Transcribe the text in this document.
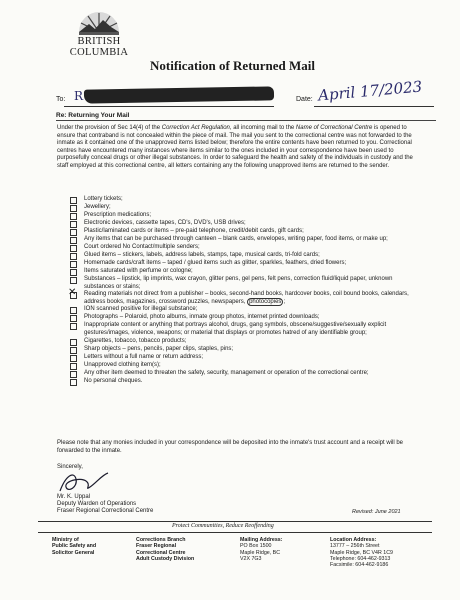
BRITISH
COLUMBIA
Notification of Returned Mail
To: R	Date: April 17/2023
Re: Returning Your Mail
Under the provision of Sec 14(4) of the Correction Act Regulation, all incoming mail to the Name of Correctional Centre is opened to ensure that contraband is not concealed within the piece of mail. The mail you sent to the correctional centre was not forwarded to the inmate as it contained one of the unapproved items listed below; therefore the entire contents have been returned to you. Correctional centres have encountered many instances where items similar to the ones included in your correspondence have been used to purposefully conceal drugs or other illegal substances. In order to safeguard the health and safety of the individuals in custody and the staff employed at this correctional centre, all letters containing any the following unapproved items are returned to the sender.
Lottery tickets;
Jewellery;
Prescription medications;
Electronic devices, cassette tapes, CD's, DVD's, USB drives;
Plastic/laminated cards or items – pre-paid telephone, credit/debit cards, gift cards;
Any items that can be purchased through canteen – blank cards, envelopes, writing paper, food items, or make up;
Court ordered No Contact/multiple senders;
Glued items – stickers, labels, address labels, stamps, tape, musical cards, tri-fold cards;
Homemade cards/craft items – taped / glued items such as glitter, sparkles, feathers, dried flowers;
Items saturated with perfume or cologne;
Substances – lipstick, lip imprints, wax crayon, glitter pens, gel pens, felt pens, correction fluid/liquid paper, unknown substances or stains;
✕ Reading materials not direct from a publisher – books, second-hand books, hardcover books, coil bound books, calendars, address books, magazines, crossword puzzles, newspapers, photocopies ;
ION scanned positive for illegal substance;
Photographs – Polaroid, photo albums, inmate group photos, internet printed downloads;
Inappropriate content or anything that portrays alcohol, drugs, gang symbols, obscene/suggestive/sexually explicit gestures/images, violence, weapons; or material that displays or promotes hatred of any identifiable group;
Cigarettes, tobacco, tobacco products;
Sharp objects – pens, pencils, paper clips, staples, pins;
Letters without a full name or return address;
Unapproved clothing item(s);
Any other item deemed to threaten the safety, security, management or operation of the correctional centre;
No personal cheques.
Please note that any monies included in your correspondence will be deposited into the inmate's trust account and a receipt will be forwarded to the inmate.
Sincerely,
Mr. K. Uppal
Deputy Warden of Operations
Fraser Regional Correctional Centre	Revised: June 2021
Protect Communities, Reduce Reoffending
Ministry of
Public Safety and
Solicitor General
Corrections Branch
Fraser Regional
Correctional Centre
Adult Custody Division
Mailing Address:
PO Box 1500
Maple Ridge, BC
V2X 7G3
Location Address:
13777 – 256th Street
Maple Ridge, BC V4R 1C9
Telephone: 604-462-9313
Facsimile: 604-462-9186
